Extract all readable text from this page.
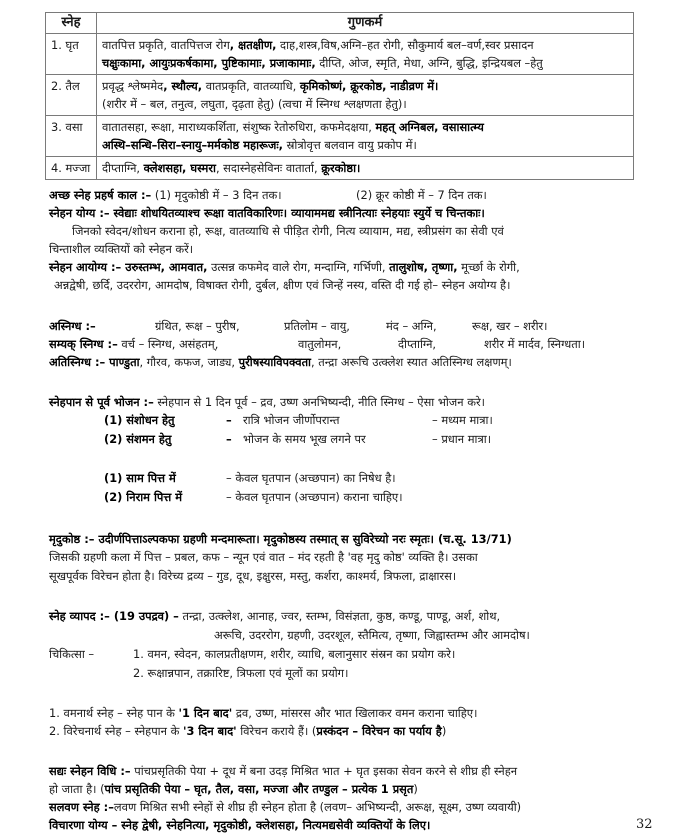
स्नेह	गुणकर्म
1. घृत	वातपित्त प्रकृति, वातपित्तज रोग, क्षतक्षीण, दाह,शस्त्र,विष,अग्नि–हत रोगी, सौकुमार्य बल–वर्ण,स्वर प्रसादन
चक्षुःकामा, आयुःप्रकर्षकामा, पुष्टिकामाः, प्रजाकामाः, दीप्ति, ओज, स्मृति, मेधा, अग्नि, बुद्धि, इन्द्रियबल –हेतु

2. तैल	प्रवृद्ध श्लेष्ममेद, स्थौल्य, वातप्रकृति, वातव्याधि, कृमिकोष्णं, क्रूरकोष्ठ, नाडीव्रण में।
(शरीर में – बल, तनुत्व, लघुता, दृढ़ता हेतु) (त्वचा में स्निग्ध श्लक्षणता हेतु)।

3. वसा	वातातसहा, रूक्षा, माराध्यकर्शिता, संशुष्क रेतोरुधिरा, कफमेदक्षया, महत् अग्निबल, वसासात्म्य
अस्थि–सन्धि–सिरा–स्नायु–मर्मकोष्ठ महारूजः, स्रोत्रोवृत्त बलवान वायु प्रकोप में।

4. मज्जा	दीप्ताग्नि, क्लेशसहा, घस्मरा, सदास्नेहसेविनः वातार्ता, क्रूरकोष्ठा।
अच्छ स्नेह प्रहर्ष काल :– (1) मृदुकोष्ठी में – 3 दिन तक।	(2) क्रूर कोष्ठी में – 7 दिन तक।
स्नेहन योग्य :– स्वेद्याः शोधयितव्याश्च रूक्षा वातविकारिणः। व्यायाममद्य स्त्रीनित्याः स्नेहयाः स्युर्ये च चिन्तकाः।
जिनको स्वेदन/शोधन कराना हो, रूक्ष, वातव्याधि से पीड़ित रोगी, नित्य व्यायाम, मद्य, स्त्रीप्रसंग का सेवी एवं
चिन्ताशील व्यक्तियों को स्नेहन करें।
स्नेहन आयोग्य :– उरुस्तम्भ, आमवात, उत्सन्न कफमेद वाले रोग, मन्दाग्नि, गर्भिणी, तालुशोष, तृष्णा, मूर्च्छा के रोगी,
अन्नद्वेषी, छर्दि, उदररोग, आमदोष, विषाक्त रोगी, दुर्बल, क्षीण एवं जिन्हें नस्य, वस्ति दी गई हो– स्नेहन अयोग्य है।
अस्निग्ध :–	ग्रंथित, रूक्ष – पुरीष,	प्रतिलोम – वायु,	मंद – अग्नि,	रूक्ष, खर – शरीर।
सम्यक् स्निग्ध :– वर्च – स्निग्ध, असंहतम्,	वातुलोमन,	दीप्ताग्नि,	शरीर में मार्दव, स्निग्धता।
अतिस्निग्ध :– पाण्डुता, गौरव, कफज, जाड्य, पुरीषस्याविपक्वता, तन्द्रा अरूचि उत्क्लेश स्यात अतिस्निग्ध लक्षणम्।
स्नेहपान से पूर्व भोजन :– स्नेहपान से 1 दिन पूर्व – द्रव, उष्ण अनभिष्यन्दी, नीति स्निग्ध – ऐसा भोजन करे।
(1) संशोधन हेतु	– रात्रि भोजन जीर्णोपरान्त	– मध्यम मात्रा।
(2) संशमन हेतु	– भोजन के समय भूख लगने पर	– प्रधान मात्रा।
(1) साम पित्त में	– केवल घृतपान (अच्छपान) का निषेध है।
(2) निराम पित्त में	– केवल घृतपान (अच्छपान) कराना चाहिए।
मृदुकोष्ठ :– उदीर्णपित्ताऽल्पकफा ग्रहणी मन्दमारूता। मृदुकोष्ठस्य तस्मात् स सुविरेच्यो नरः स्मृतः। (च.सू. 13/71)
जिसकी ग्रहणी कला में पित्त – प्रबल, कफ – न्यून एवं वात – मंद रहती है 'वह मृदु कोष्ठ' व्यक्ति है। उसका
सूखपूर्वक विरेचन होता है। विरेच्य द्रव्य – गुड, दूध, इक्षुरस, मस्तु, कर्शरा, काश्मर्य, त्रिफला, द्राक्षारस।
स्नेह व्यापद :– (19 उपद्रव) – तन्द्रा, उत्क्लेश, आनाह, ज्वर, स्तम्भ, विसंज्ञता, कुष्ठ, कण्डू, पाण्डू, अर्श, शोथ,
अरूचि, उदररोग, ग्रहणी, उदरशूल, स्तैमित्य, तृष्णा, जिह्वास्तम्भ और आमदोष।
चिकित्सा –	1. वमन, स्वेदन, कालप्रतीक्षणम, शरीर, व्याधि, बलानुसार संस्रन का प्रयोग करे।
2. रूक्षान्नपान, तक्रारिष्ट, त्रिफला एवं मूलों का प्रयोग।
1. वमनार्थ स्नेह – स्नेह पान के '1 दिन बाद' द्रव, उष्ण, मांसरस और भात खिलाकर वमन कराना चाहिए।
2. विरेचनार्थ स्नेह – स्नेहपान के '3 दिन बाद' विरेचन कराये हैं। (प्रस्कंदन – विरेचन का पर्याय है)
सद्यः स्नेहन विधि :– पांचप्रसृतिकी पेया + दूध में बना उदड़ मिश्रित भात + घृत इसका सेवन करने से शीघ्र ही स्नेहन
हो जाता है। (पांच प्रसृतिकी पेया – घृत, तैल, वसा, मज्जा और तण्डुल – प्रत्येक 1 प्रसृत)
सलवण स्नेह :–लवण मिश्रित सभी स्नेहों से शीघ्र ही स्नेहन होता है (लवण– अभिष्यन्दी, अरूक्ष, सूक्ष्म, उष्ण व्यवायी)
विचारणा योग्य – स्नेह द्वेषी, स्नेहनित्या, मृदुकोष्ठी, क्लेशसहा, नित्यमद्यसेवी व्यक्तियों के लिए।	32
